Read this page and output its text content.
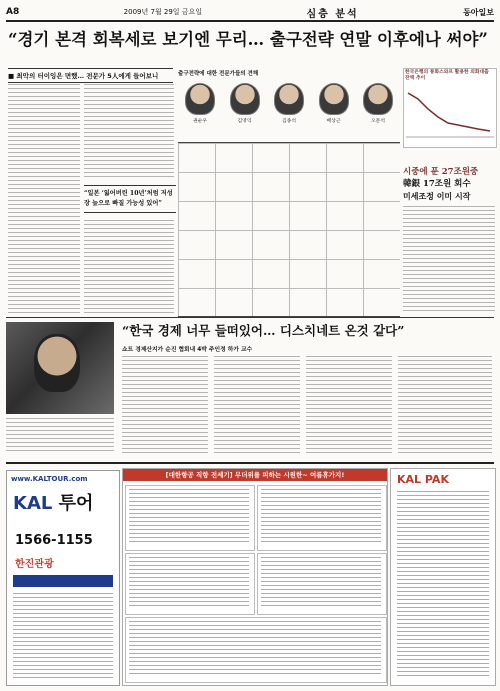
A8	2009년 7월 29일 금요일	심층 분석	동아일보
“경기 본격 회복세로 보기엔 무리… 출구전략 연말 이후에나 써야”
■ 최악의 터이잉은 면했… 전문가 5人에게 들어보니
“일본 ‘잃어버린 10년’처럼 저성장 늪으로 빠질 가능성 있어”
출구전략에 대한 전문가들의 견해
권순우	김영익	김종석	배상근	오문석
한국은행의 통화스와프 활용한 외화대출 잔액 추이
시중에 푼 27조원중
韓銀 17조원 회수
미세조정 이미 시작
“한국 경제 너무 들떠있어… 디스치네트 온것 같다”
쇼트 경제산지가 순진 협회내 4박 주인정 하가 교수
www.KALTOUR.com
KAL 투어
1566-1155
한진관광
[대한항공 직항 전세기] 무더위를 피하는 시원한~ 여름휴가지!	KAL PAK
